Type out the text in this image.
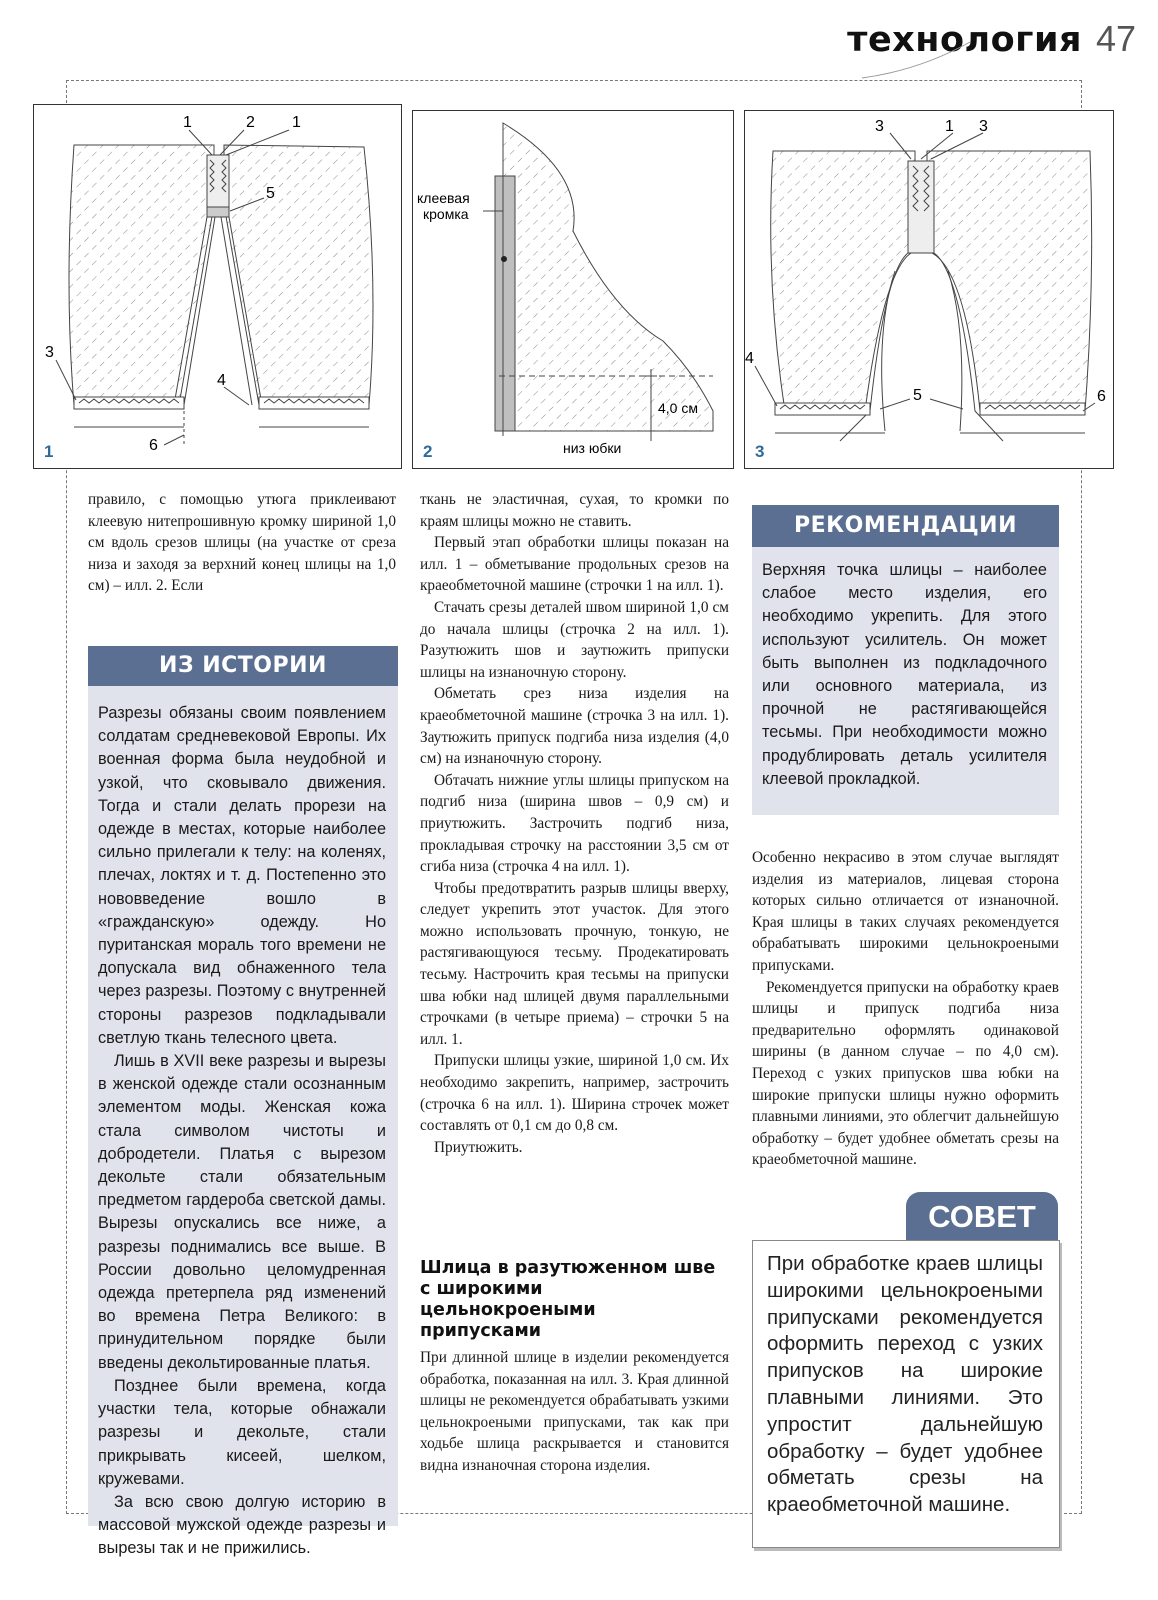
технология 47
1	2 1
5
3
4
6
1
клеевая
кромка
4,0 см
низ юбки
2
3	1 3
4
5	6
3

правило, с помощью утюга приклеивают клеевую нитепрошивную кромку шириной 1,0 см вдоль срезов шлицы (на участке от среза низа и заходя за верхний конец шлицы на 1,0 см) – илл. 2. Если

ИЗ ИСТОРИИ

Разрезы обязаны своим появлением солдатам средневековой Европы. Их военная форма была неудобной и узкой, что сковывало движения. Тогда и стали делать прорези на одежде в местах, которые наиболее сильно прилегали к телу: на коленях, плечах, локтях и т. д. Постепенно это нововведение вошло в «гражданскую» одежду. Но пуританская мораль того времени не допускала вид обнаженного тела через разрезы. Поэтому с внутренней стороны разрезов подкладывали светлую ткань телесного цвета.

Лишь в XVII веке разрезы и вырезы в женской одежде стали осознанным элементом моды. Женская кожа стала символом чистоты и добродетели. Платья с вырезом декольте стали обязательным предметом гардероба светской дамы. Вырезы опускались все ниже, а разрезы поднимались все выше. В России довольно целомудренная одежда претерпела ряд изменений во времена Петра Великого: в принудительном порядке были введены декольтированные платья.

Позднее были времена, когда участки тела, которые обнажали разрезы и декольте, стали прикрывать кисеей, шелком, кружевами.

За всю свою долгую историю в массовой мужской одежде разрезы и вырезы так и не прижились.

ткань не эластичная, сухая, то кромки по краям шлицы можно не ставить.

Первый этап обработки шлицы показан на илл. 1 – обметывание продольных срезов на краеобметочной машине (строчки 1 на илл. 1).

Стачать срезы деталей швом шириной 1,0 см до начала шлицы (строчка 2 на илл. 1). Разутюжить шов и заутюжить припуски шлицы на изнаночную сторону.

Обметать срез низа изделия на краеобметочной машине (строчка 3 на илл. 1). Заутюжить припуск подгиба низа изделия (4,0 см) на изнаночную сторону.

Обтачать нижние углы шлицы припуском на подгиб низа (ширина швов – 0,9 см) и приутюжить. Застрочить подгиб низа, прокладывая строчку на расстоянии 3,5 см от сгиба низа (строчка 4 на илл. 1).

Чтобы предотвратить разрыв шлицы вверху, следует укрепить этот участок. Для этого можно использовать прочную, тонкую, не растягивающуюся тесьму. Продекатировать тесьму. Настрочить края тесьмы на припуски шва юбки над шлицей двумя параллельными строчками (в четыре приема) – строчки 5 на илл. 1.

Припуски шлицы узкие, шириной 1,0 см. Их необходимо закрепить, например, застрочить (строчка 6 на илл. 1). Ширина строчек может составлять от 0,1 см до 0,8 см.

Приутюжить.

Шлица в разутюженном шве с широкими цельнокроеными припусками

При длинной шлице в изделии рекомендуется обработка, показанная на илл. 3. Края длинной шлицы не рекомендуется обрабатывать узкими цельнокроеными припусками, так как при ходьбе шлица раскрывается и становится видна изнаночная сторона изделия.

РЕКОМЕНДАЦИИ

Верхняя точка шлицы – наиболее слабое место изделия, его необходимо укрепить. Для этого используют усилитель. Он может быть выполнен из подкладочного или основного материала, из прочной не растягивающейся тесьмы. При необходимости можно продублировать деталь усилителя клеевой прокладкой.

Особенно некрасиво в этом случае выглядят изделия из материалов, лицевая сторона которых сильно отличается от изнаночной. Края шлицы в таких случаях рекомендуется обрабатывать широкими цельнокроеными припусками.

Рекомендуется припуски на обработку краев шлицы и припуск подгиба низа предварительно оформлять одинаковой ширины (в данном случае – по 4,0 см). Переход с узких припусков шва юбки на широкие припуски шлицы нужно оформить плавными линиями, это облегчит дальнейшую обработку – будет удобнее обметать срезы на краеобметочной машине.

СОВЕТ
При обработке краев шлицы широкими цельнокроеными припусками рекомендуется оформить переход с узких припусков на широкие плавными линиями. Это упростит дальнейшую обработку – будет удобнее обметать срезы на краеобметочной машине.
